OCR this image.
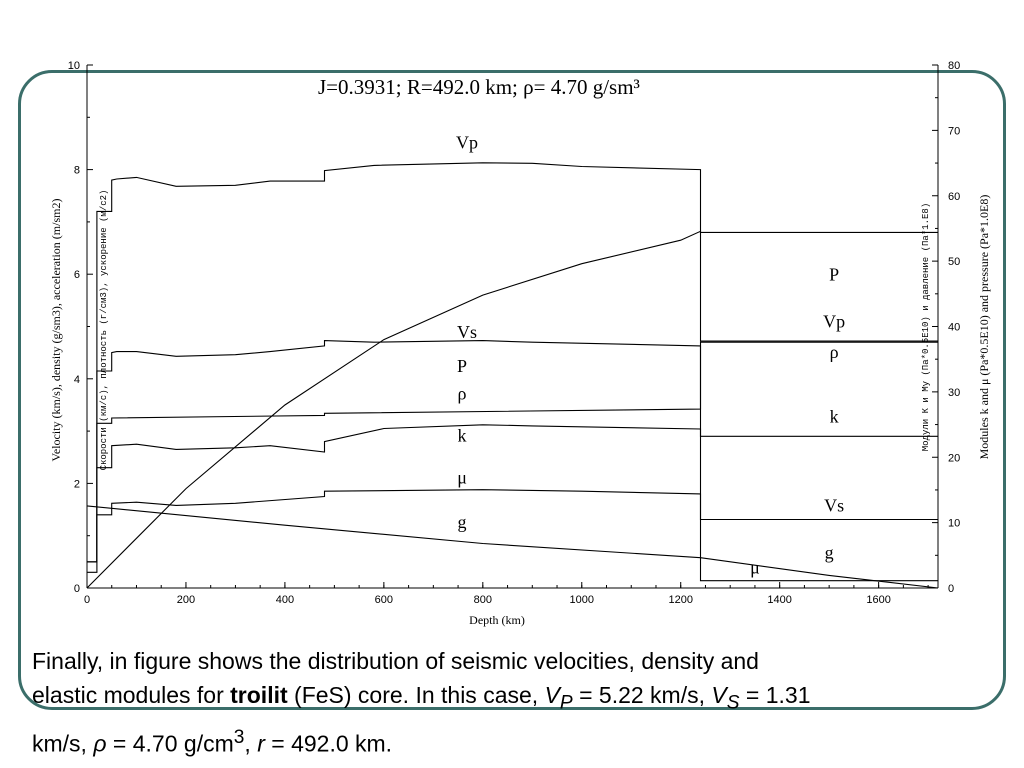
0	200	400	600	800	1000	1200	1400	1600
0
2
4
6
8
10
0
10
20
30
40
50
60
70
80
Vp
Vs
P
ρ
k
μ
g
P
Vp
ρ
k
Vs
g
μ
J=0.3931; R=492.0 km; ρ= 4.70 g/sm³
Depth (km)
Velocity (km/s), density (g/sm3), acceleration (m/sm2)	Скорости (км/с), плотность (г/см3), ускорение (м/с2)	Modules k and μ (Pa*0.5E10) and pressure (Pa*1.0E8)
Модули К и Му (Па*0.5E10) и давление (Па*1.E8)
Finally, in figure shows the distribution of seismic velocities, density and
elastic modules for troilit (FeS) core. In this case, $V_P = 5.22$ km/s, $V_S = 1.31$
km/s, ρ = 4.70 $g/cm^3$, r = 492.0 km.
